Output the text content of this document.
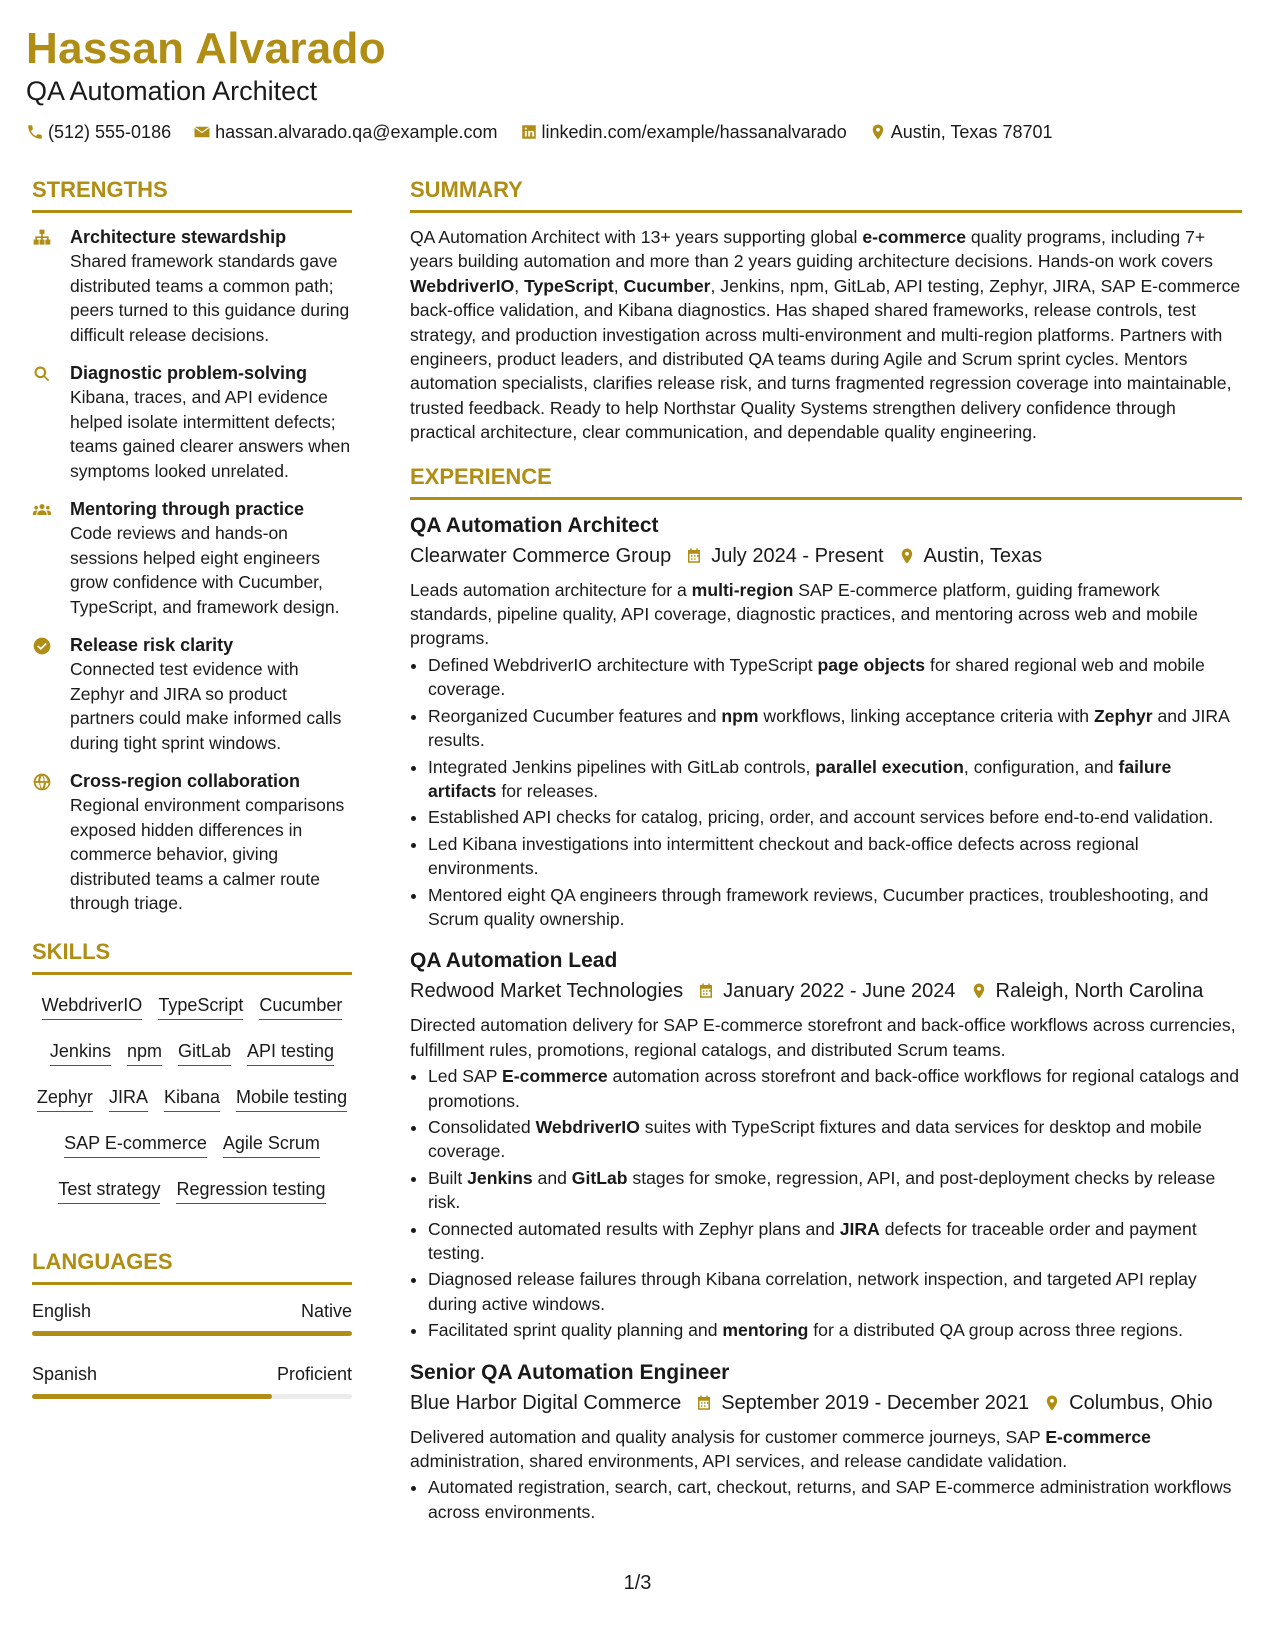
Hassan Alvarado
QA Automation Architect
(512) 555-0186 hassan.alvarado.qa@example.com linkedin.com/example/hassanalvarado Austin, Texas 78701
STRENGTHS
Architecture stewardship
Shared framework standards gave distributed teams a common path; peers turned to this guidance during difficult release decisions.
Diagnostic problem-solving
Kibana, traces, and API evidence helped isolate intermittent defects; teams gained clearer answers when symptoms looked unrelated.
Mentoring through practice
Code reviews and hands-on sessions helped eight engineers grow confidence with Cucumber, TypeScript, and framework design.
Release risk clarity
Connected test evidence with Zephyr and JIRA so product partners could make informed calls during tight sprint windows.
Cross-region collaboration
Regional environment comparisons exposed hidden differences in commerce behavior, giving distributed teams a calmer route through triage.
SKILLS
WebdriverIO TypeScript Cucumber
Jenkins npm GitLab API testing
Zephyr JIRA Kibana Mobile testing
SAP E-commerce Agile Scrum
Test strategy Regression testing
LANGUAGES
English	Native
Spanish	Proficient
SUMMARY
QA Automation Architect with 13+ years supporting global e-commerce quality programs, including 7+ years building automation and more than 2 years guiding architecture decisions. Hands-on work covers WebdriverIO, TypeScript, Cucumber, Jenkins, npm, GitLab, API testing, Zephyr, JIRA, SAP E-commerce back-office validation, and Kibana diagnostics. Has shaped shared frameworks, release controls, test strategy, and production investigation across multi-environment and multi-region platforms. Partners with engineers, product leaders, and distributed QA teams during Agile and Scrum sprint cycles. Mentors automation specialists, clarifies release risk, and turns fragmented regression coverage into maintainable, trusted feedback. Ready to help Northstar Quality Systems strengthen delivery confidence through practical architecture, clear communication, and dependable quality engineering.
EXPERIENCE
QA Automation Architect
Clearwater Commerce Group July 2024 - Present Austin, Texas
Leads automation architecture for a multi-region SAP E-commerce platform, guiding framework standards, pipeline quality, API coverage, diagnostic practices, and mentoring across web and mobile programs.
• Defined WebdriverIO architecture with TypeScript page objects for shared regional web and mobile coverage.
• Reorganized Cucumber features and npm workflows, linking acceptance criteria with Zephyr and JIRA results.
• Integrated Jenkins pipelines with GitLab controls, parallel execution, configuration, and failure artifacts for releases.
• Established API checks for catalog, pricing, order, and account services before end-to-end validation.
• Led Kibana investigations into intermittent checkout and back-office defects across regional environments.
• Mentored eight QA engineers through framework reviews, Cucumber practices, troubleshooting, and Scrum quality ownership.
QA Automation Lead
Redwood Market Technologies January 2022 - June 2024 Raleigh, North Carolina
Directed automation delivery for SAP E-commerce storefront and back-office workflows across currencies, fulfillment rules, promotions, regional catalogs, and distributed Scrum teams.
• Led SAP E-commerce automation across storefront and back-office workflows for regional catalogs and promotions.
• Consolidated WebdriverIO suites with TypeScript fixtures and data services for desktop and mobile coverage.
• Built Jenkins and GitLab stages for smoke, regression, API, and post-deployment checks by release risk.
• Connected automated results with Zephyr plans and JIRA defects for traceable order and payment testing.
• Diagnosed release failures through Kibana correlation, network inspection, and targeted API replay during active windows.
• Facilitated sprint quality planning and mentoring for a distributed QA group across three regions.
Senior QA Automation Engineer
Blue Harbor Digital Commerce September 2019 - December 2021 Columbus, Ohio
Delivered automation and quality analysis for customer commerce journeys, SAP E-commerce administration, shared environments, API services, and release candidate validation.
• Automated registration, search, cart, checkout, returns, and SAP E-commerce administration workflows across environments.
1/3
